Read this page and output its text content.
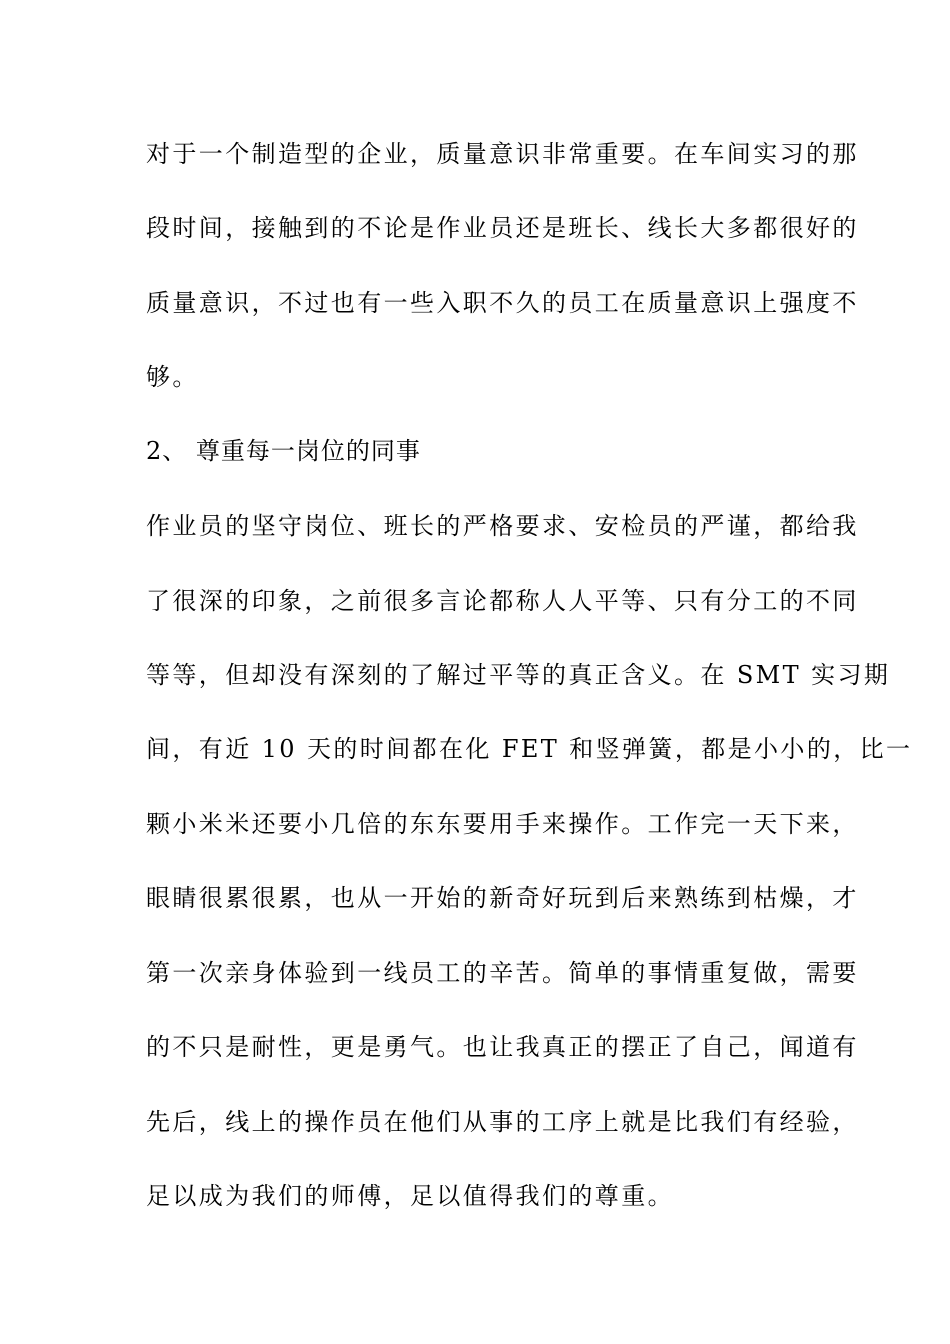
对于一个制造型的企业，质量意识非常重要。在车间实习的那
段时间，接触到的不论是作业员还是班长、线长大多都很好的
质量意识，不过也有一些入职不久的员工在质量意识上强度不
够。
2、 尊重每一岗位的同事
作业员的坚守岗位、班长的严格要求、安检员的严谨，都给我
了很深的印象，之前很多言论都称人人平等、只有分工的不同
等等，但却没有深刻的了解过平等的真正含义。在 SMT 实习期
间，有近 10 天的时间都在化 FET 和竖弹簧，都是小小的，比一
颗小米米还要小几倍的东东要用手来操作。工作完一天下来，
眼睛很累很累，也从一开始的新奇好玩到后来熟练到枯燥，才
第一次亲身体验到一线员工的辛苦。简单的事情重复做，需要
的不只是耐性，更是勇气。也让我真正的摆正了自己，闻道有
先后，线上的操作员在他们从事的工序上就是比我们有经验，
足以成为我们的师傅，足以值得我们的尊重。
